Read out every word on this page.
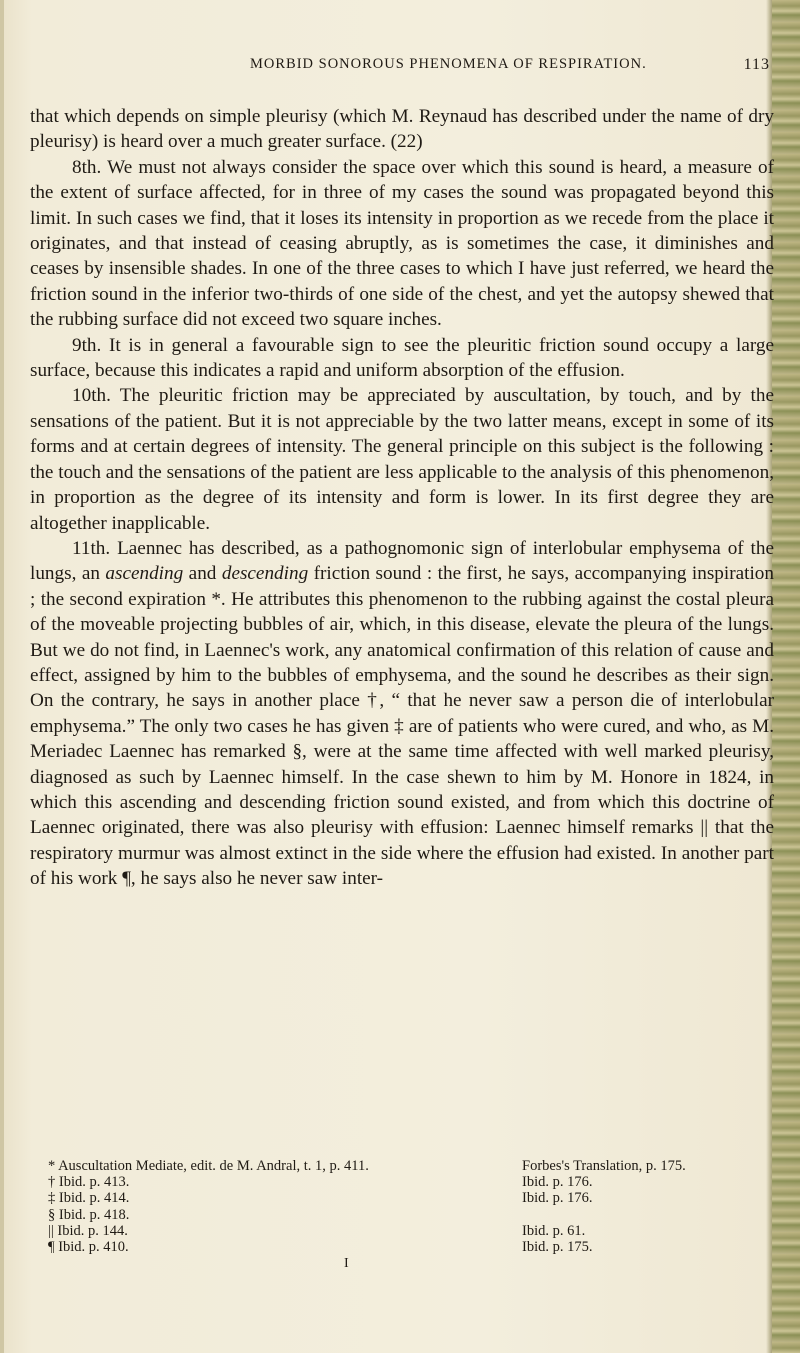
MORBID SONOROUS PHENOMENA OF RESPIRATION.	113

that which depends on simple pleurisy (which M. Reynaud has described under the name of dry pleurisy) is heard over a much greater surface. (22)

8th. We must not always consider the space over which this sound is heard, a measure of the extent of surface affected, for in three of my cases the sound was propagated beyond this limit. In such cases we find, that it loses its intensity in proportion as we recede from the place it originates, and that instead of ceasing abruptly, as is sometimes the case, it diminishes and ceases by insensible shades. In one of the three cases to which I have just referred, we heard the friction sound in the inferior two-thirds of one side of the chest, and yet the autopsy shewed that the rubbing surface did not exceed two square inches.

9th. It is in general a favourable sign to see the pleuritic friction sound occupy a large surface, because this indicates a rapid and uniform absorption of the effusion.

10th. The pleuritic friction may be appreciated by auscultation, by touch, and by the sensations of the patient. But it is not appreciable by the two latter means, except in some of its forms and at certain degrees of intensity. The general principle on this subject is the following : the touch and the sensations of the patient are less applicable to the analysis of this phenomenon, in proportion as the degree of its intensity and form is lower. In its first degree they are altogether inapplicable.

11th. Laennec has described, as a pathognomonic sign of interlobular emphysema of the lungs, an ascending and descending friction sound : the first, he says, accompanying inspiration ; the second expiration *. He attributes this phenomenon to the rubbing against the costal pleura of the moveable projecting bubbles of air, which, in this disease, elevate the pleura of the lungs. But we do not find, in Laennec's work, any anatomical confirmation of this relation of cause and effect, assigned by him to the bubbles of emphysema, and the sound he describes as their sign. On the contrary, he says in another place †, “ that he never saw a person die of interlobular emphysema.” The only two cases he has given ‡ are of patients who were cured, and who, as M. Meriadec Laennec has remarked §, were at the same time affected with well marked pleurisy, diagnosed as such by Laennec himself. In the case shewn to him by M. Honore in 1824, in which this ascending and descending friction sound existed, and from which this doctrine of Laennec originated, there was also pleurisy with effusion: Laennec himself remarks || that the respiratory murmur was almost extinct in the side where the effusion had existed. In another part of his work ¶, he says also he never saw inter-

* Auscultation Mediate, edit. de M. Andral, t. 1, p. 411.	Forbes's Translation, p. 175.
† Ibid. p. 413.	Ibid. p. 176.
‡ Ibid. p. 414.	Ibid. p. 176.
§ Ibid. p. 418.
|| Ibid. p. 144.	Ibid. p. 61.
¶ Ibid. p. 410.	Ibid. p. 175.
I
